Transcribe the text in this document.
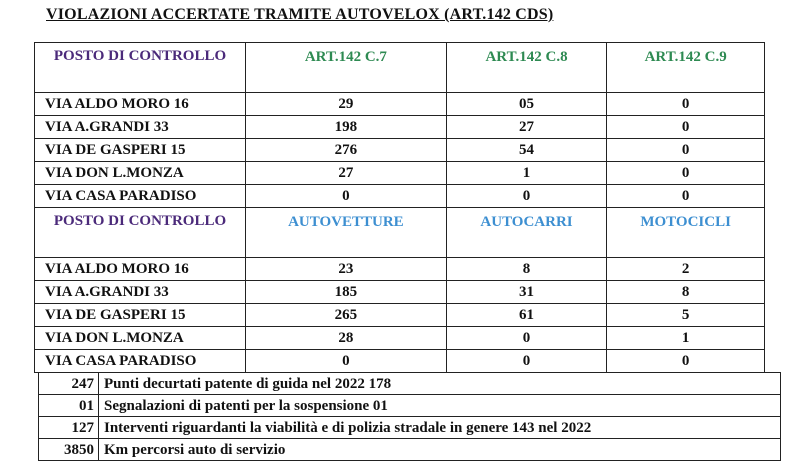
VIOLAZIONI ACCERTATE TRAMITE AUTOVELOX (ART.142 CDS)
POSTO DI CONTROLLO	ART.142 C.7	ART.142 C.8	ART.142 C.9
VIA ALDO MORO 16	29	05	0
VIA A.GRANDI 33	198	27	0
VIA DE GASPERI 15	276	54	0
VIA DON L.MONZA	27	1	0
VIA CASA PARADISO	0	0	0
POSTO DI CONTROLLO	AUTOVETTURE	AUTOCARRI	MOTOCICLI
VIA ALDO MORO 16	23	8	2
VIA A.GRANDI 33	185	31	8
VIA DE GASPERI 15	265	61	5
VIA DON L.MONZA	28	0	1
VIA CASA PARADISO	0	0	0
247	Punti decurtati patente di guida nel 2022 178
01	Segnalazioni di patenti per la sospensione 01
127	Interventi riguardanti la viabilità e di polizia stradale in genere 143 nel 2022
3850	Km percorsi auto di servizio
